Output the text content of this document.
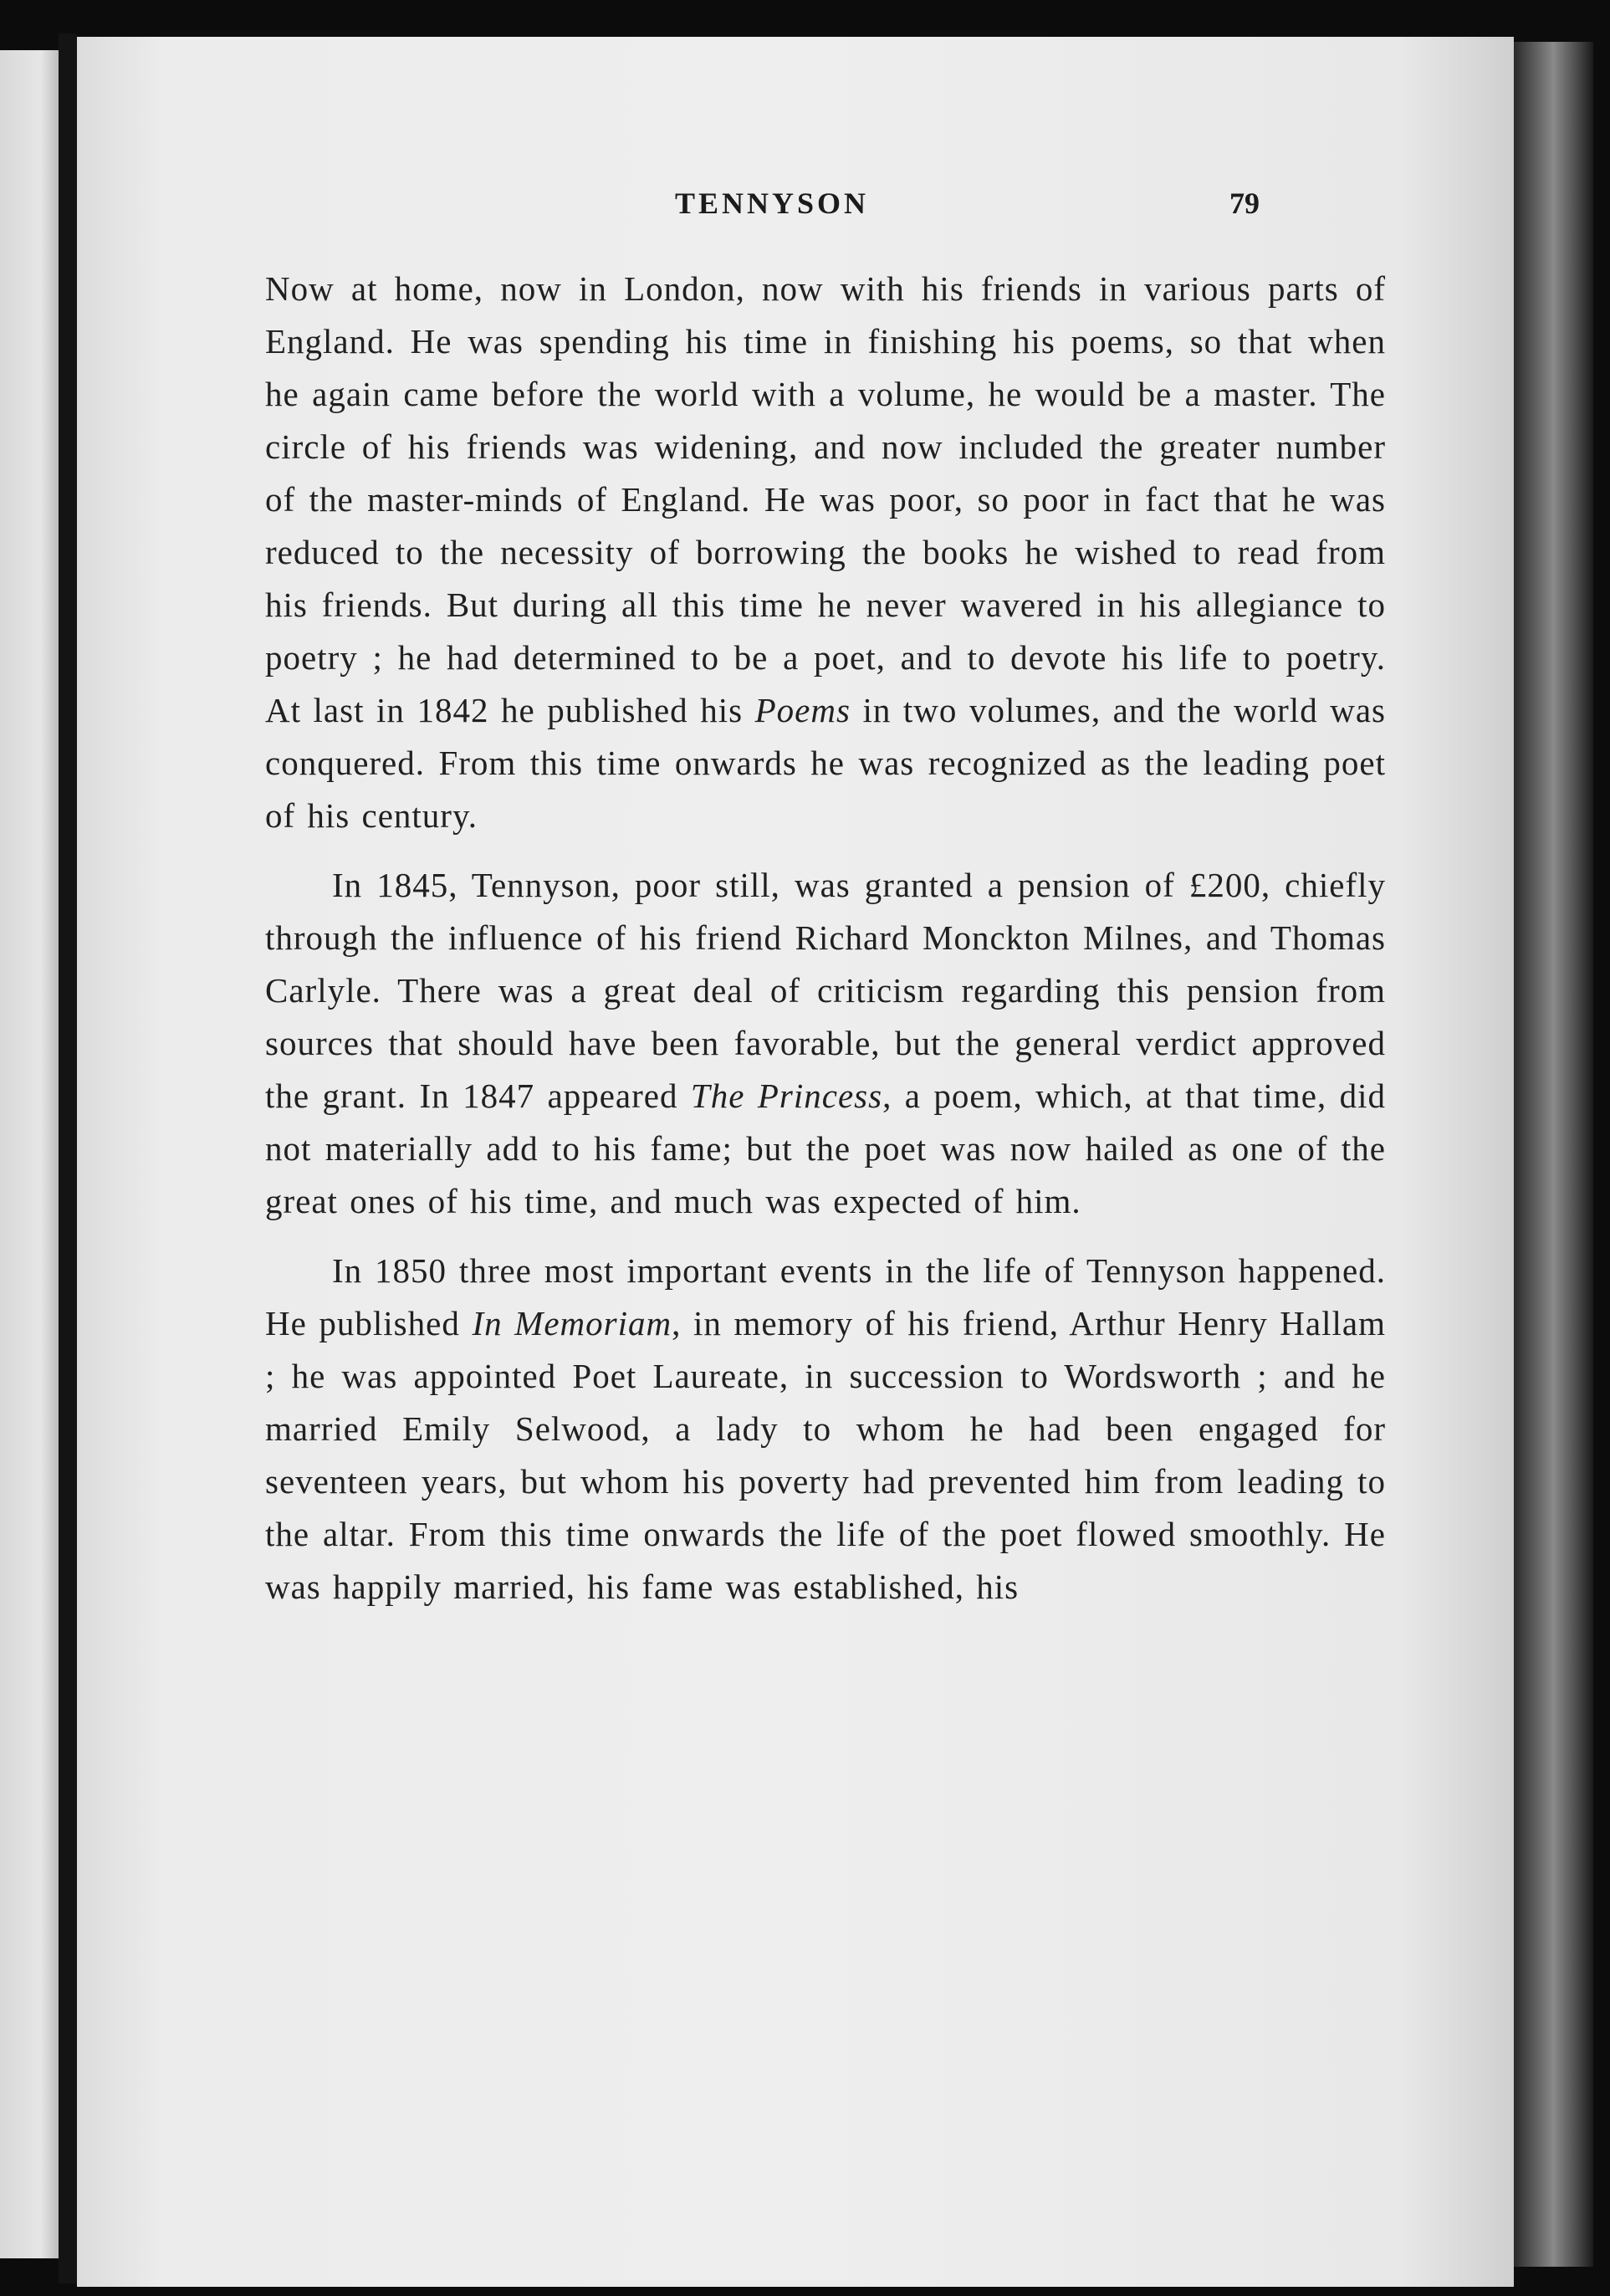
TENNYSON	79

Now at home, now in London, now with his friends in various parts of England. He was spending his time in finishing his poems, so that when he again came before the world with a volume, he would be a master. The circle of his friends was widening, and now included the greater number of the master-minds of England. He was poor, so poor in fact that he was reduced to the necessity of borrowing the books he wished to read from his friends. But during all this time he never wavered in his allegiance to poetry ; he had determined to be a poet, and to devote his life to poetry. At last in 1842 he published his Poems in two volumes, and the world was conquered. From this time onwards he was recognized as the leading poet of his century.

In 1845, Tennyson, poor still, was granted a pension of £200, chiefly through the influence of his friend Richard Monckton Milnes, and Thomas Carlyle. There was a great deal of criticism regarding this pension from sources that should have been favorable, but the general verdict approved the grant. In 1847 appeared The Princess, a poem, which, at that time, did not materially add to his fame; but the poet was now hailed as one of the great ones of his time, and much was expected of him.

In 1850 three most important events in the life of Tennyson happened. He published In Memoriam, in memory of his friend, Arthur Henry Hallam ; he was appointed Poet Laureate, in succession to Wordsworth ; and he married Emily Selwood, a lady to whom he had been engaged for seventeen years, but whom his poverty had prevented him from leading to the altar. From this time onwards the life of the poet flowed smoothly. He was happily married, his fame was established, his
